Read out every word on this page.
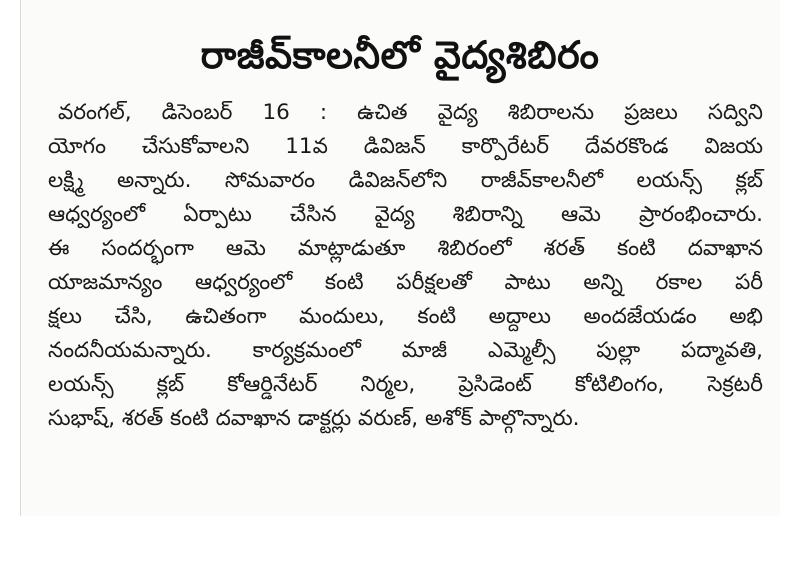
రాజీవ్‌కాలనీలో వైద్యశిబిరం
వరంగల్, డిసెంబర్ 16 : ఉచిత వైద్య శిబిరాలను ప్రజలు సద్విని
యోగం చేసుకోవాలని 11వ డివిజన్ కార్పొరేటర్ దేవరకొండ విజయ
లక్ష్మి అన్నారు. సోమవారం డివిజన్‌లోని రాజీవ్‌కాలనీలో లయన్స్ క్లబ్
ఆధ్వర్యంలో ఏర్పాటు చేసిన వైద్య శిబిరాన్ని ఆమె ప్రారంభించారు.
ఈ సందర్భంగా ఆమె మాట్లాడుతూ శిబిరంలో శరత్ కంటి దవాఖాన
యాజమాన్యం ఆధ్వర్యంలో కంటి పరీక్షలతో పాటు అన్ని రకాల పరీ
క్షలు చేసి, ఉచితంగా మందులు, కంటి అద్దాలు అందజేయడం అభి
నందనీయమన్నారు. కార్యక్రమంలో మాజీ ఎమ్మెల్సీ పుల్లా పద్మావతి,
లయన్స్ క్లబ్ కోఆర్డినేటర్ నిర్మల, ప్రెసిడెంట్ కోటిలింగం, సెక్రటరీ
సుభాష్, శరత్ కంటి దవాఖాన డాక్టర్లు వరుణ్, అశోక్ పాల్గొన్నారు.
